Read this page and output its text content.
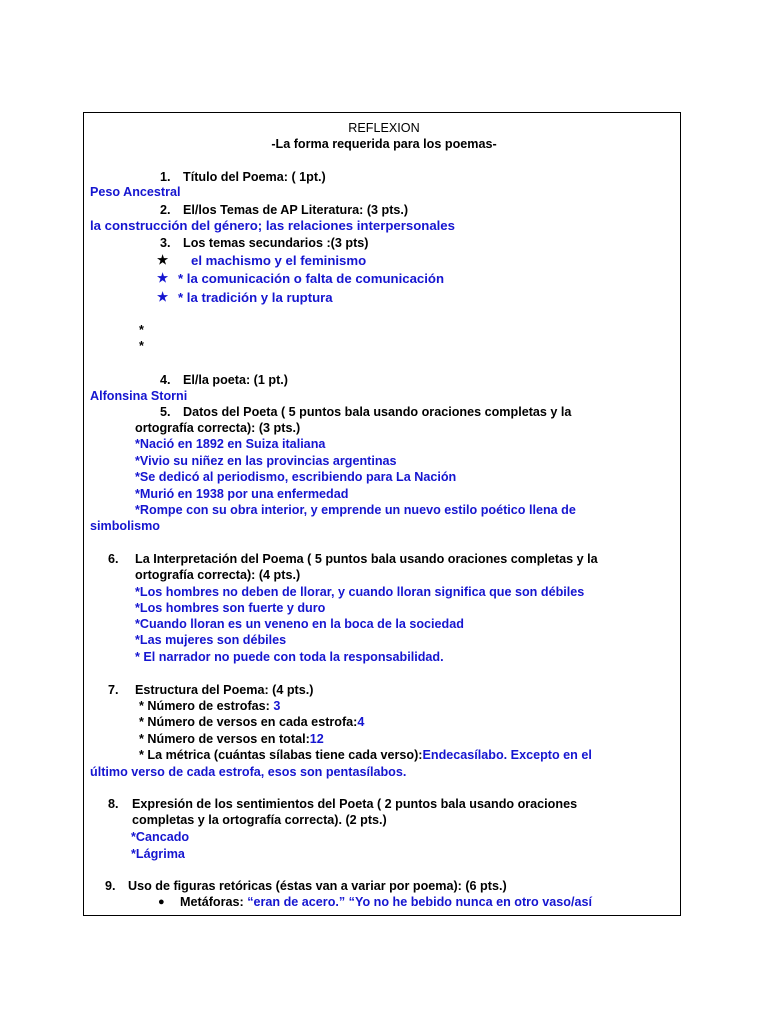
REFLEXION
-La forma requerida para los poemas-
1. Título del Poema: ( 1pt.)
Peso Ancestral
2. El/los Temas de AP Literatura: (3 pts.)
la construcción del género; las relaciones interpersonales
3. Los temas secundarios :(3 pts)
★ el machismo y el feminismo
★ * la comunicación o falta de comunicación
★ * la tradición y la ruptura
*
*
4. El/la poeta: (1 pt.)
Alfonsina Storni
5. Datos del Poeta ( 5 puntos bala usando oraciones completas y la
ortografía correcta): (3 pts.)
*Nació en 1892 en Suiza italiana
*Vivio su niñez en las provincias argentinas
*Se dedicó al periodismo, escribiendo para La Nación
*Murió en 1938 por una enfermedad
*Rompe con su obra interior, y emprende un nuevo estilo poético llena de
simbolismo
6. La Interpretación del Poema ( 5 puntos bala usando oraciones completas y la
ortografía correcta): (4 pts.)
*Los hombres no deben de llorar, y cuando lloran significa que son débiles
*Los hombres son fuerte y duro
*Cuando lloran es un veneno en la boca de la sociedad
*Las mujeres son débiles
* El narrador no puede con toda la responsabilidad.
7. Estructura del Poema: (4 pts.)
* Número de estrofas: 3
* Número de versos en cada estrofa:4
* Número de versos en total:12
* La métrica (cuántas sílabas tiene cada verso):Endecasílabo. Excepto en el
último verso de cada estrofa, esos son pentasílabos.
8. Expresión de los sentimientos del Poeta ( 2 puntos bala usando oraciones
completas y la ortografía correcta). (2 pts.)
*Cancado
*Lágrima
9. Uso de figuras retóricas (éstas van a variar por poema): (6 pts.)
● Metáforas: “eran de acero.” “Yo no he bebido nunca en otro vaso/así
